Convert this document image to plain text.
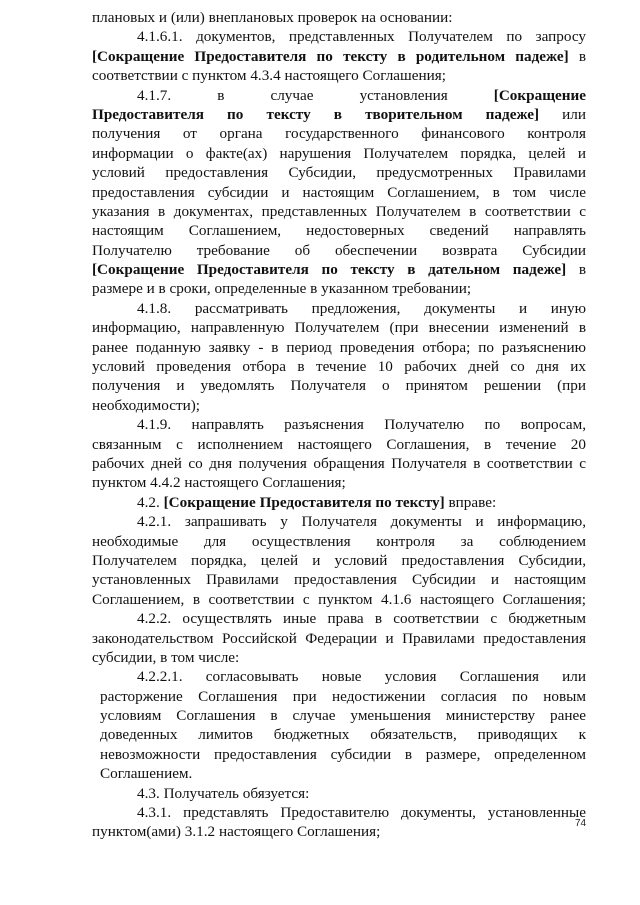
плановых и (или) внеплановых проверок на основании:
4.1.6.1. документов, представленных Получателем по запросу
[Сокращение Предоставителя по тексту в родительном падеже] в
соответствии с пунктом 4.3.4 настоящего Соглашения;
4.1.7. в случае установления [Сокращение
Предоставителя по тексту в творительном падеже] или
получения от органа государственного финансового контроля
информации о факте(ах) нарушения Получателем порядка, целей и
условий предоставления Субсидии, предусмотренных Правилами
предоставления субсидии и настоящим Соглашением, в том числе
указания в документах, представленных Получателем в соответствии с
настоящим Соглашением, недостоверных сведений направлять
Получателю требование об обеспечении возврата Субсидии
[Сокращение Предоставителя по тексту в дательном падеже] в
размере и в сроки, определенные в указанном требовании;
4.1.8. рассматривать предложения, документы и иную
информацию, направленную Получателем (при внесении изменений в
ранее поданную заявку - в период проведения отбора; по разъяснению
условий проведения отбора в течение 10 рабочих дней со дня их
получения и уведомлять Получателя о принятом решении (при
необходимости);
4.1.9. направлять разъяснения Получателю по вопросам,
связанным с исполнением настоящего Соглашения, в течение 20
рабочих дней со дня получения обращения Получателя в соответствии с
пунктом 4.4.2 настоящего Соглашения;
4.2. [Сокращение Предоставителя по тексту] вправе:
4.2.1. запрашивать у Получателя документы и информацию,
необходимые для осуществления контроля за соблюдением
Получателем порядка, целей и условий предоставления Субсидии,
установленных Правилами предоставления Субсидии и настоящим
Соглашением, в соответствии с пунктом 4.1.6 настоящего Соглашения;
4.2.2. осуществлять иные права в соответствии с бюджетным
законодательством Российской Федерации и Правилами предоставления
субсидии, в том числе:
4.2.2.1. согласовывать новые условия Соглашения или
расторжение Соглашения при недостижении согласия по новым
условиям Соглашения в случае уменьшения министерству ранее
доведенных лимитов бюджетных обязательств, приводящих к
невозможности предоставления субсидии в размере, определенном
Соглашением.
4.3. Получатель обязуется:
4.3.1. представлять Предоставителю документы, установленные
пунктом(ами) 3.1.2 настоящего Соглашения;	74
